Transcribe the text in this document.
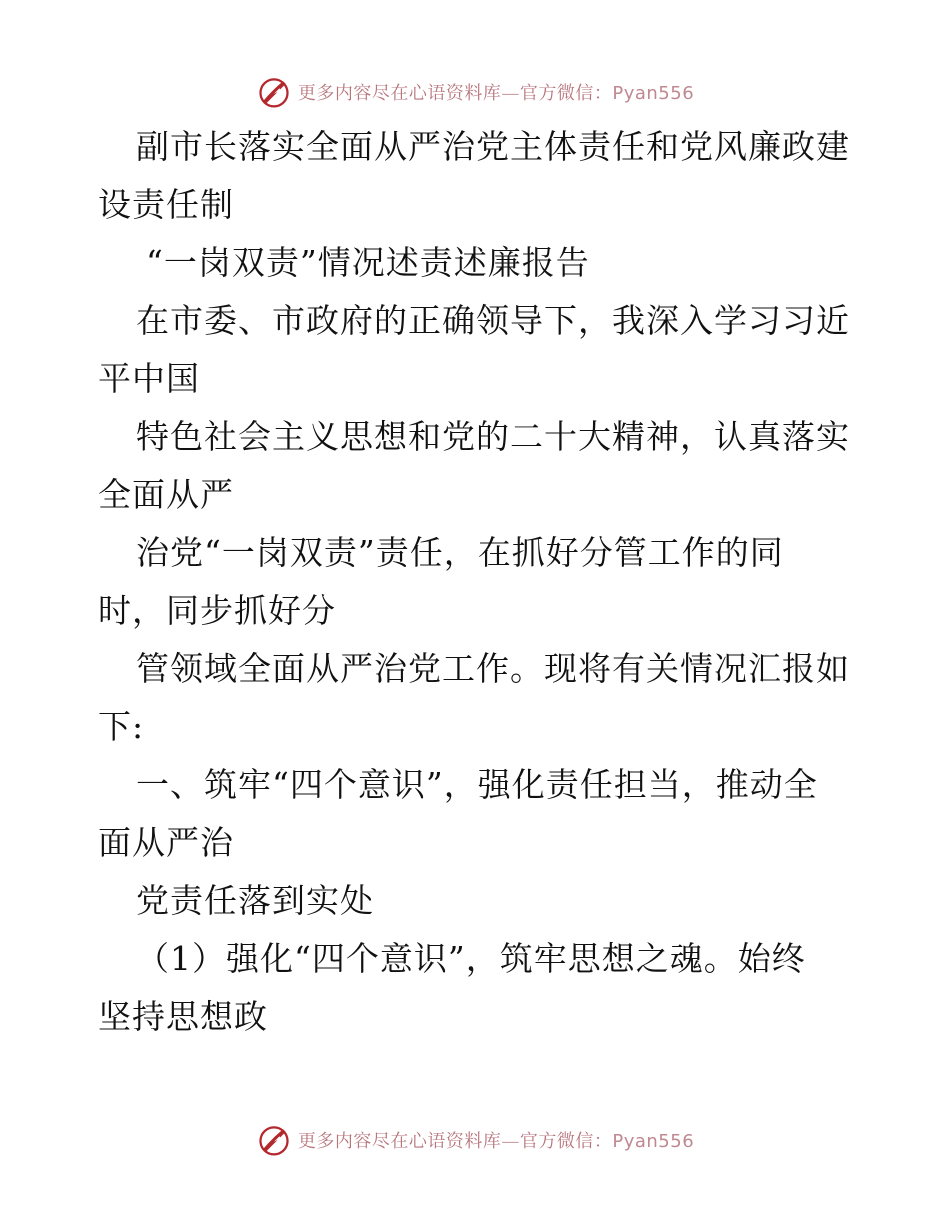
更多内容尽在心语资料库—官方微信：Pyan556
副市长落实全面从严治党主体责任和党风廉政建
设责任制
“一岗双责”情况述责述廉报告
在市委、市政府的正确领导下，我深入学习习近
平中国
特色社会主义思想和党的二十大精神，认真落实
全面从严
治党“一岗双责”责任，在抓好分管工作的同
时，同步抓好分
管领域全面从严治党工作。现将有关情况汇报如
下:
一、筑牢“四个意识”，强化责任担当，推动全
面从严治
党责任落到实处
（1）强化“四个意识”，筑牢思想之魂。始终
坚持思想政
更多内容尽在心语资料库—官方微信：Pyan556
